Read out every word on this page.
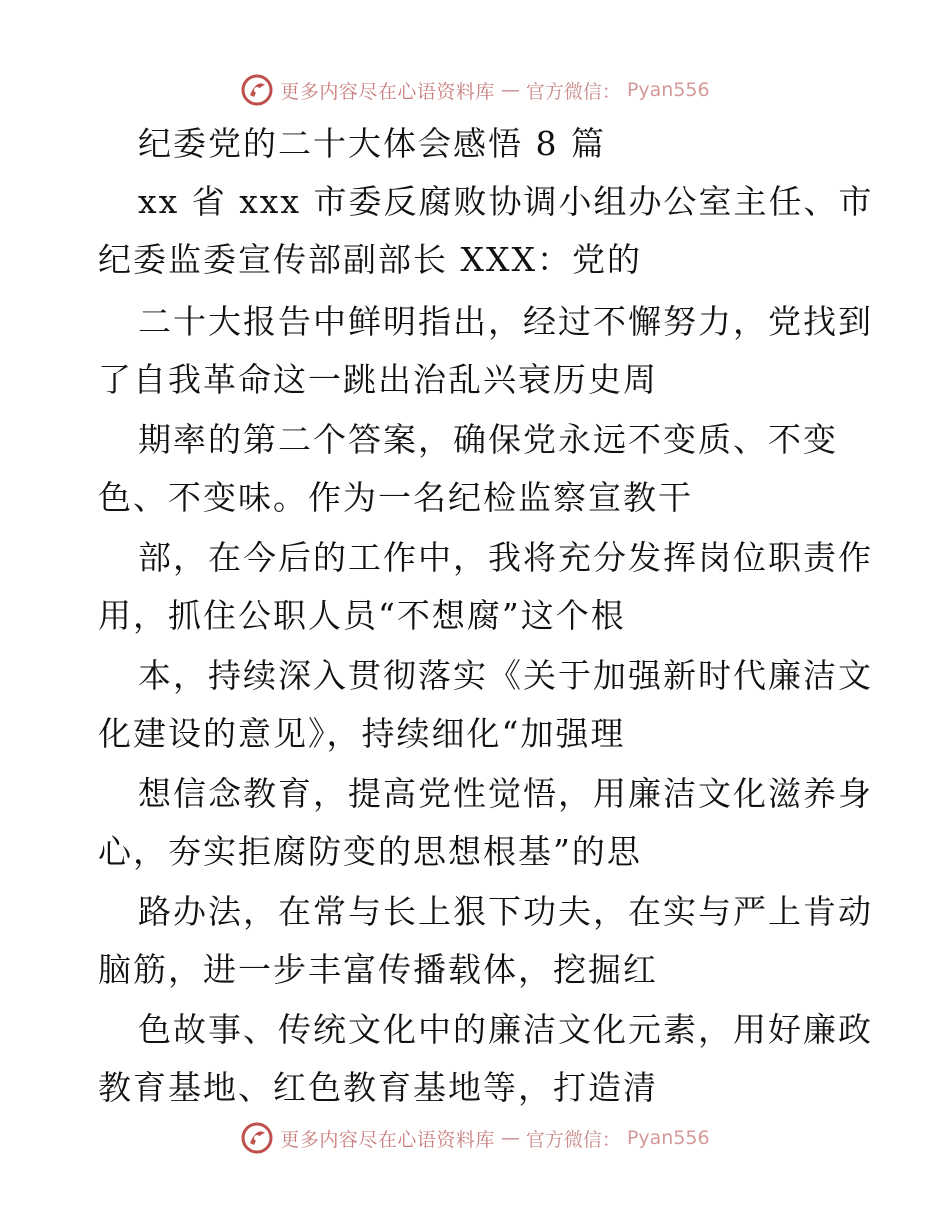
更多内容尽在心语资料库 — 官方微信： Pyan556
纪委党的二十大体会感悟 8 篇
xx 省 xxx 市委反腐败协调小组办公室主任、市
纪委监委宣传部副部长 XXX：党的
二十大报告中鲜明指出，经过不懈努力，党找到
了自我革命这一跳出治乱兴衰历史周
期率的第二个答案，确保党永远不变质、不变
色、不变味。作为一名纪检监察宣教干
部，在今后的工作中，我将充分发挥岗位职责作
用，抓住公职人员“不想腐”这个根
本，持续深入贯彻落实《关于加强新时代廉洁文
化建设的意见》，持续细化“加强理
想信念教育，提高党性觉悟，用廉洁文化滋养身
心，夯实拒腐防变的思想根基”的思
路办法，在常与长上狠下功夫，在实与严上肯动
脑筋，进一步丰富传播载体，挖掘红
色故事、传统文化中的廉洁文化元素，用好廉政
教育基地、红色教育基地等，打造清
更多内容尽在心语资料库 — 官方微信： Pyan556
